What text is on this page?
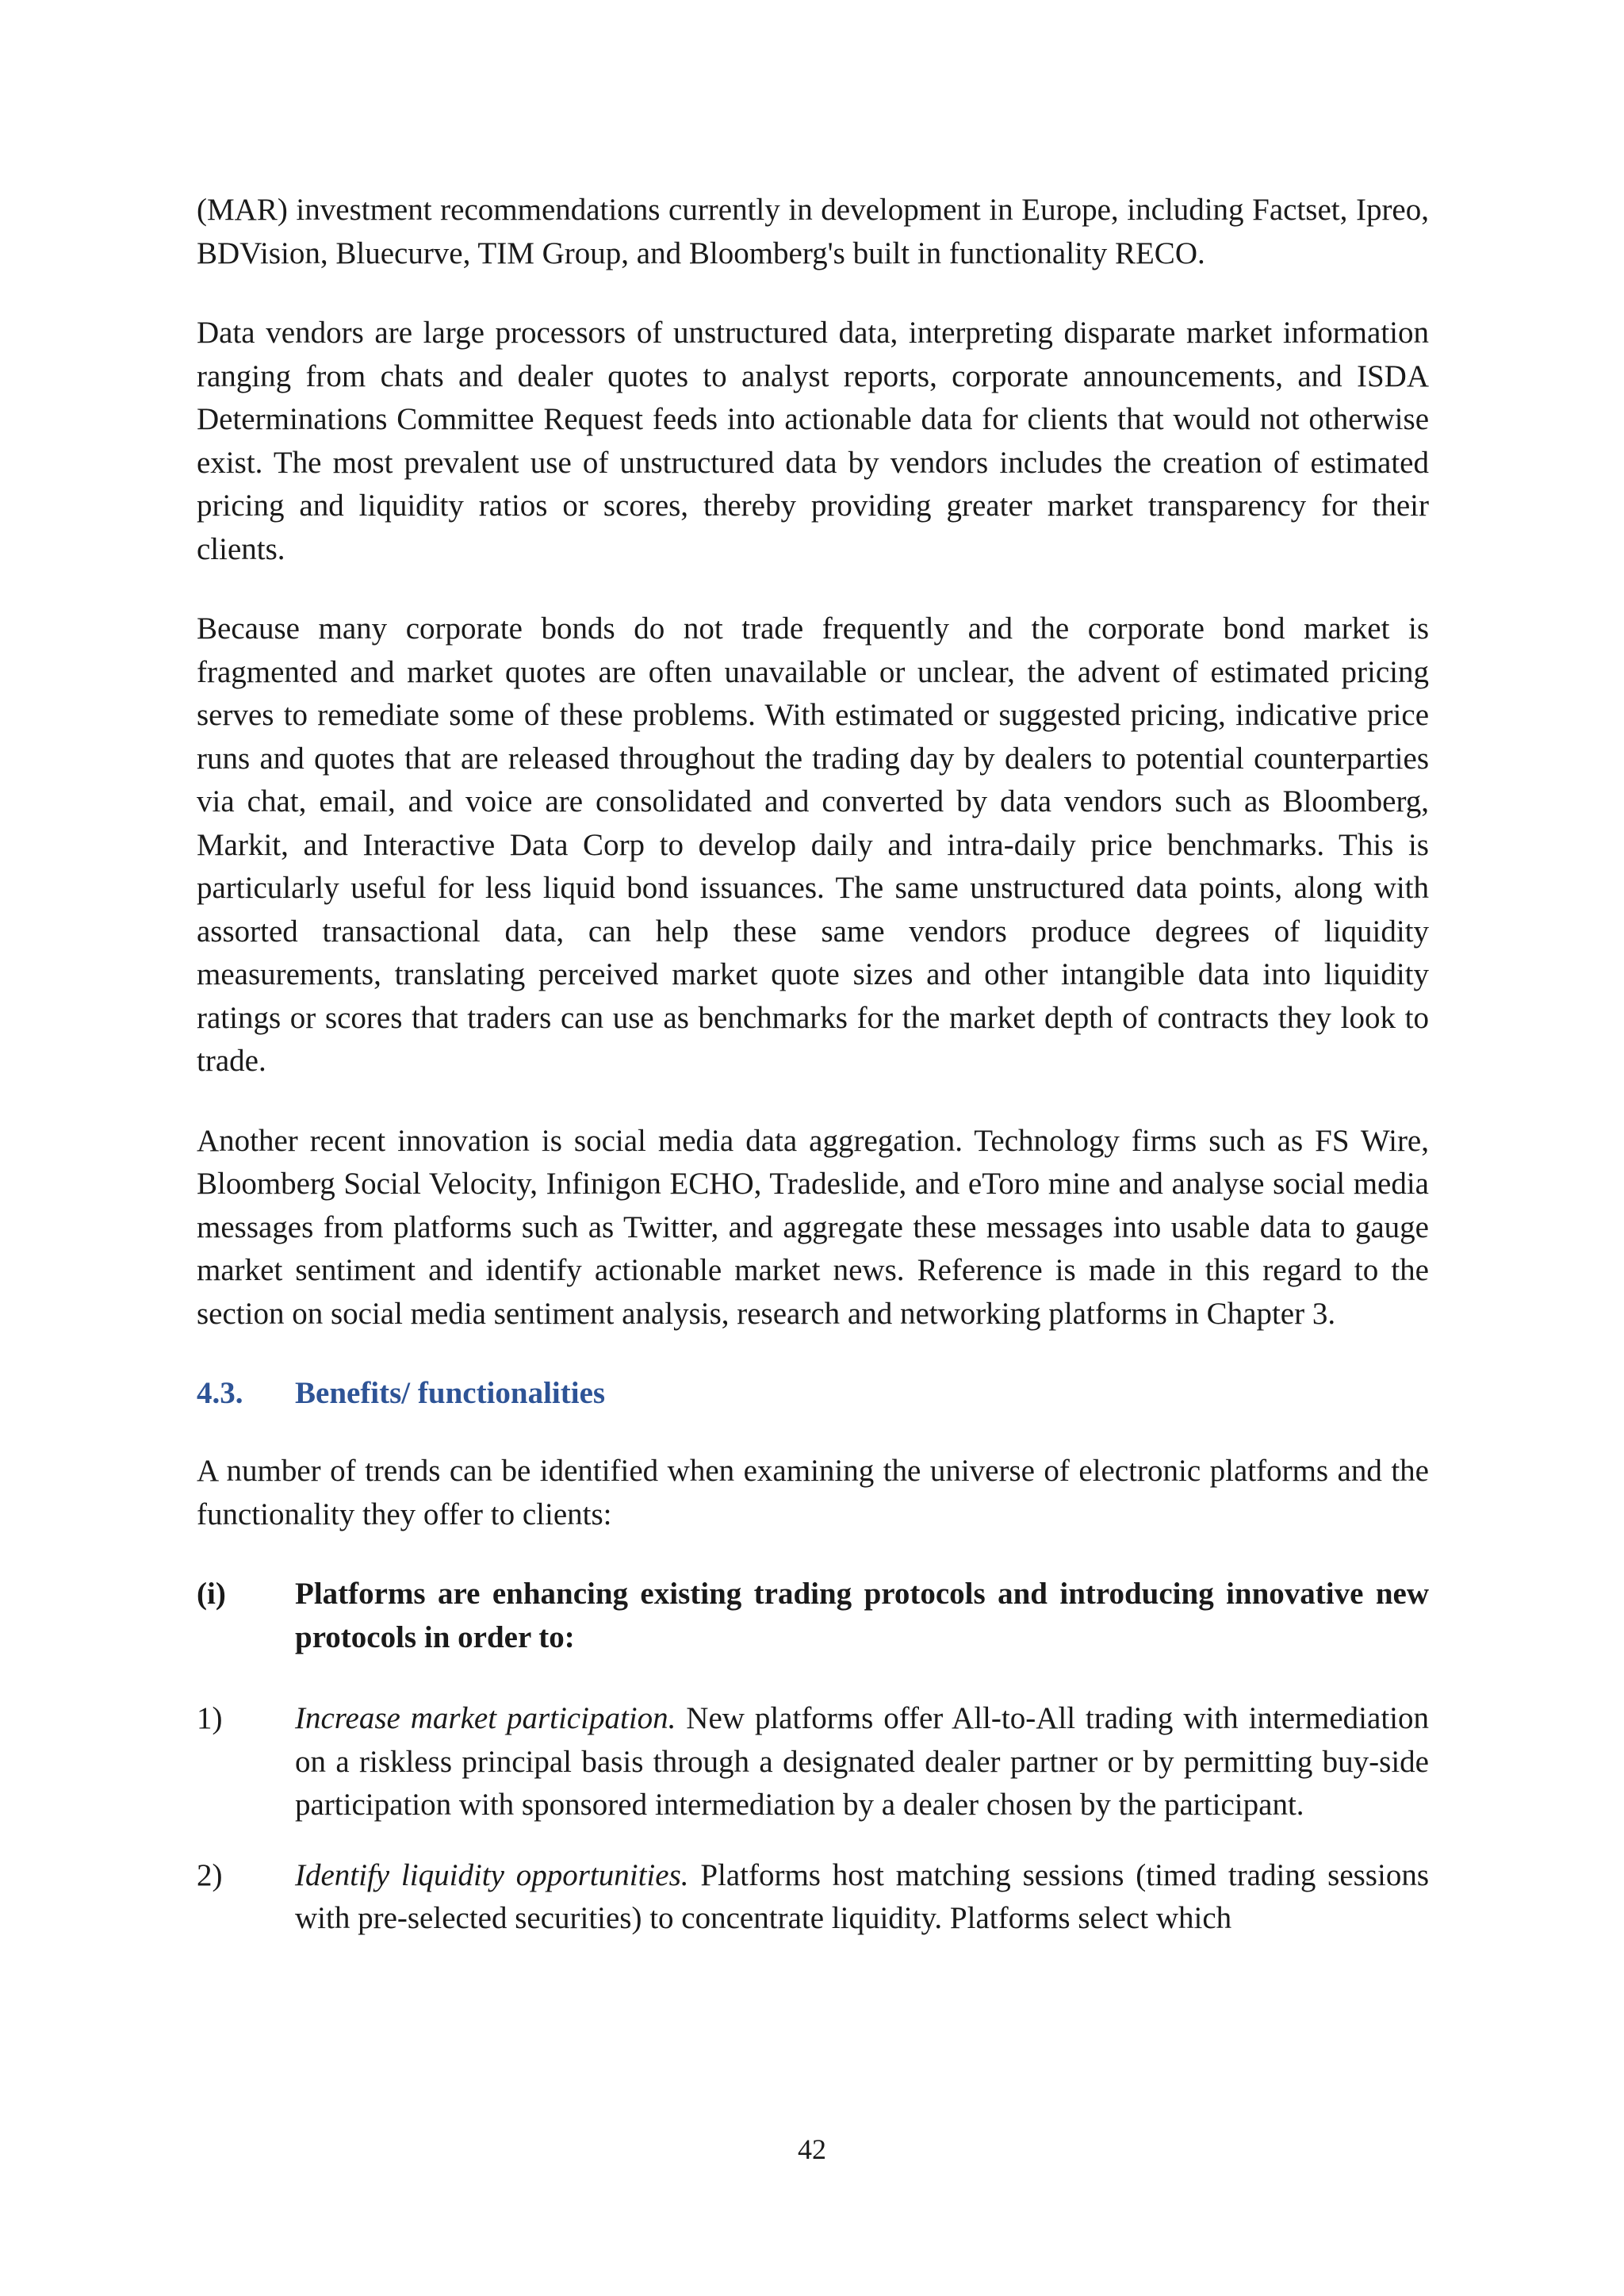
(MAR) investment recommendations currently in development in Europe, including Factset, Ipreo, BDVision, Bluecurve, TIM Group, and Bloomberg's built in functionality RECO.

Data vendors are large processors of unstructured data, interpreting disparate market information ranging from chats and dealer quotes to analyst reports, corporate announcements, and ISDA Determinations Committee Request feeds into actionable data for clients that would not otherwise exist. The most prevalent use of unstructured data by vendors includes the creation of estimated pricing and liquidity ratios or scores, thereby providing greater market transparency for their clients.

Because many corporate bonds do not trade frequently and the corporate bond market is fragmented and market quotes are often unavailable or unclear, the advent of estimated pricing serves to remediate some of these problems. With estimated or suggested pricing, indicative price runs and quotes that are released throughout the trading day by dealers to potential counterparties via chat, email, and voice are consolidated and converted by data vendors such as Bloomberg, Markit, and Interactive Data Corp to develop daily and intra-daily price benchmarks. This is particularly useful for less liquid bond issuances. The same unstructured data points, along with assorted transactional data, can help these same vendors produce degrees of liquidity measurements, translating perceived market quote sizes and other intangible data into liquidity ratings or scores that traders can use as benchmarks for the market depth of contracts they look to trade.

Another recent innovation is social media data aggregation. Technology firms such as FS Wire, Bloomberg Social Velocity, Infinigon ECHO, Tradeslide, and eToro mine and analyse social media messages from platforms such as Twitter, and aggregate these messages into usable data to gauge market sentiment and identify actionable market news. Reference is made in this regard to the section on social media sentiment analysis, research and networking platforms in Chapter 3.

4.3.	Benefits/ functionalities

A number of trends can be identified when examining the universe of electronic platforms and the functionality they offer to clients:

(i)	Platforms are enhancing existing trading protocols and introducing innovative new protocols in order to:
1)	Increase market participation. New platforms offer All-to-All trading with intermediation on a riskless principal basis through a designated dealer partner or by permitting buy-side participation with sponsored intermediation by a dealer chosen by the participant.
2)	Identify liquidity opportunities. Platforms host matching sessions (timed trading sessions with pre-selected securities) to concentrate liquidity. Platforms select which
42
